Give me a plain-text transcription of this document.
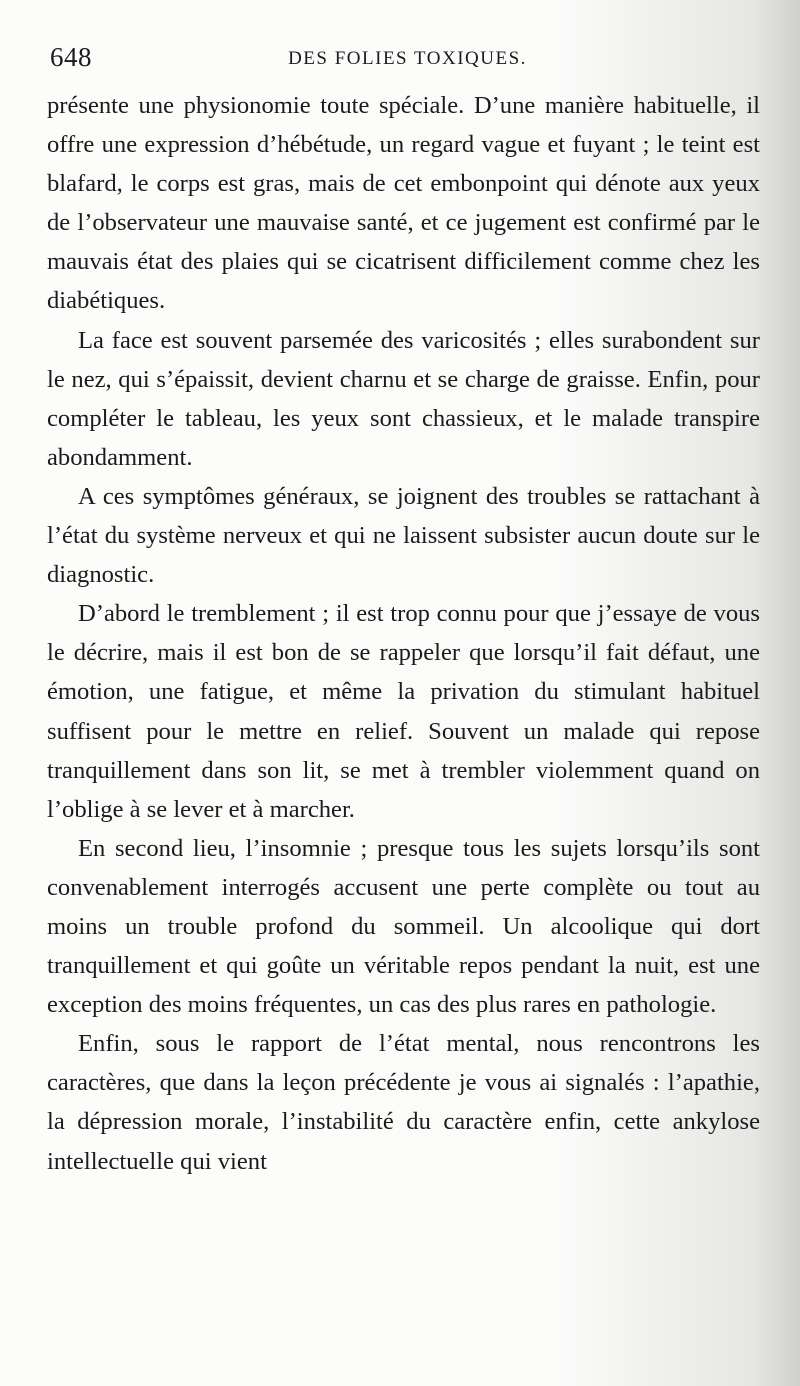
648	DES FOLIES TOXIQUES.

présente une physionomie toute spéciale. D’une manière habituelle, il offre une expression d’hébétude, un regard vague et fuyant ; le teint est blafard, le corps est gras, mais de cet embonpoint qui dénote aux yeux de l’observateur une mauvaise santé, et ce jugement est confirmé par le mauvais état des plaies qui se cicatrisent difficilement comme chez les diabétiques.

La face est souvent parsemée des varicosités ; elles surabondent sur le nez, qui s’épaissit, devient charnu et se charge de graisse. Enfin, pour compléter le tableau, les yeux sont chassieux, et le malade transpire abondamment.

A ces symptômes généraux, se joignent des troubles se rattachant à l’état du système nerveux et qui ne laissent subsister aucun doute sur le diagnostic.

D’abord le tremblement ; il est trop connu pour que j’essaye de vous le décrire, mais il est bon de se rappeler que lorsqu’il fait défaut, une émotion, une fatigue, et même la privation du stimulant habituel suffisent pour le mettre en relief. Souvent un malade qui repose tranquillement dans son lit, se met à trembler violemment quand on l’oblige à se lever et à marcher.

En second lieu, l’insomnie ; presque tous les sujets lorsqu’ils sont convenablement interrogés accusent une perte complète ou tout au moins un trouble profond du sommeil. Un alcoolique qui dort tranquillement et qui goûte un véritable repos pendant la nuit, est une exception des moins fréquentes, un cas des plus rares en pathologie.

Enfin, sous le rapport de l’état mental, nous rencontrons les caractères, que dans la leçon précédente je vous ai signalés : l’apathie, la dépression morale, l’instabilité du caractère enfin, cette ankylose intellectuelle qui vient
